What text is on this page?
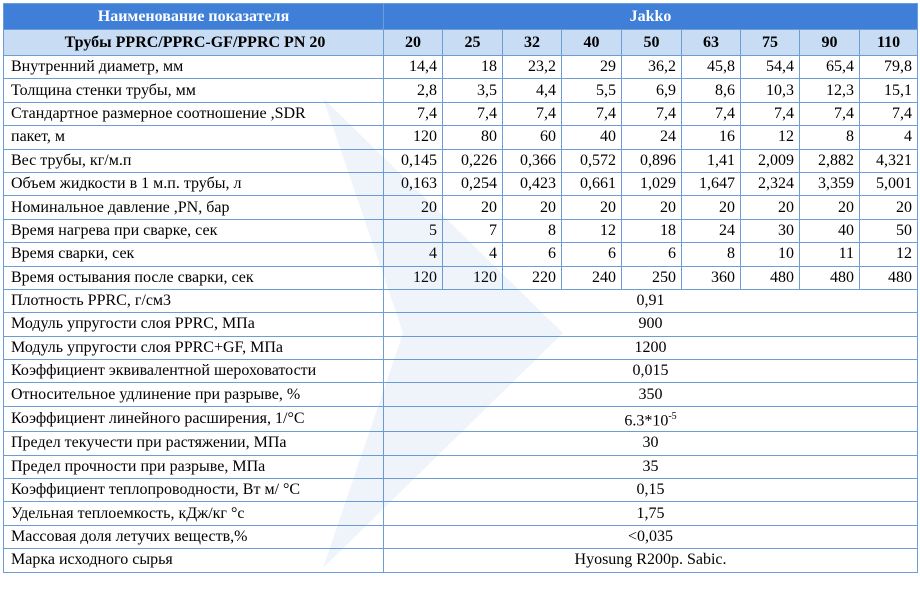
Наименование показателя	Jakko								
Трубы PPRC/PPRC-GF/PPRC PN 20	20	25	32	40	50	63	75	90	110
Внутренний диаметр, мм	14,4	18	23,2	29	36,2	45,8	54,4	65,4	79,8
Толщина стенки трубы, мм	2,8	3,5	4,4	5,5	6,9	8,6	10,3	12,3	15,1
Стандартное размерное соотношение ,SDR	7,4	7,4	7,4	7,4	7,4	7,4	7,4	7,4	7,4
пакет, м	120	80	60	40	24	16	12	8	4
Вес трубы, кг/м.п	0,145	0,226	0,366	0,572	0,896	1,41	2,009	2,882	4,321
Объем жидкости в 1 м.п. трубы, л	0,163	0,254	0,423	0,661	1,029	1,647	2,324	3,359	5,001
Номинальное давление ,PN, бар	20	20	20	20	20	20	20	20	20
Время нагрева при сварке, сек	5	7	8	12	18	24	30	40	50
Время сварки, сек	4	4	6	6	6	8	10	11	12
Время остывания после сварки, сек	120	120	220	240	250	360	480	480	480
Плотность PPRC, г/см3	0,91								
Модуль упругости слоя PPRC, МПа	900								
Модуль упругости слоя PPRC+GF, МПа	1200								
Коэффициент эквивалентной шероховатости	0,015								
Относительное удлинение при разрыве, %	350								
Коэффициент линейного расширения, 1/°C	$6.3*10^{-5}$
Предел текучести при растяжении, МПа	30								
Предел прочности при разрыве, МПа	35								
Коэффициент теплопроводности, Вт м/ °C	0,15								
Удельная теплоемкость, кДж/кг °c	1,75								
Массовая доля летучих веществ,%	<0,035								
Марка исходного сырья	Hyosung R200p. Sabic.								
